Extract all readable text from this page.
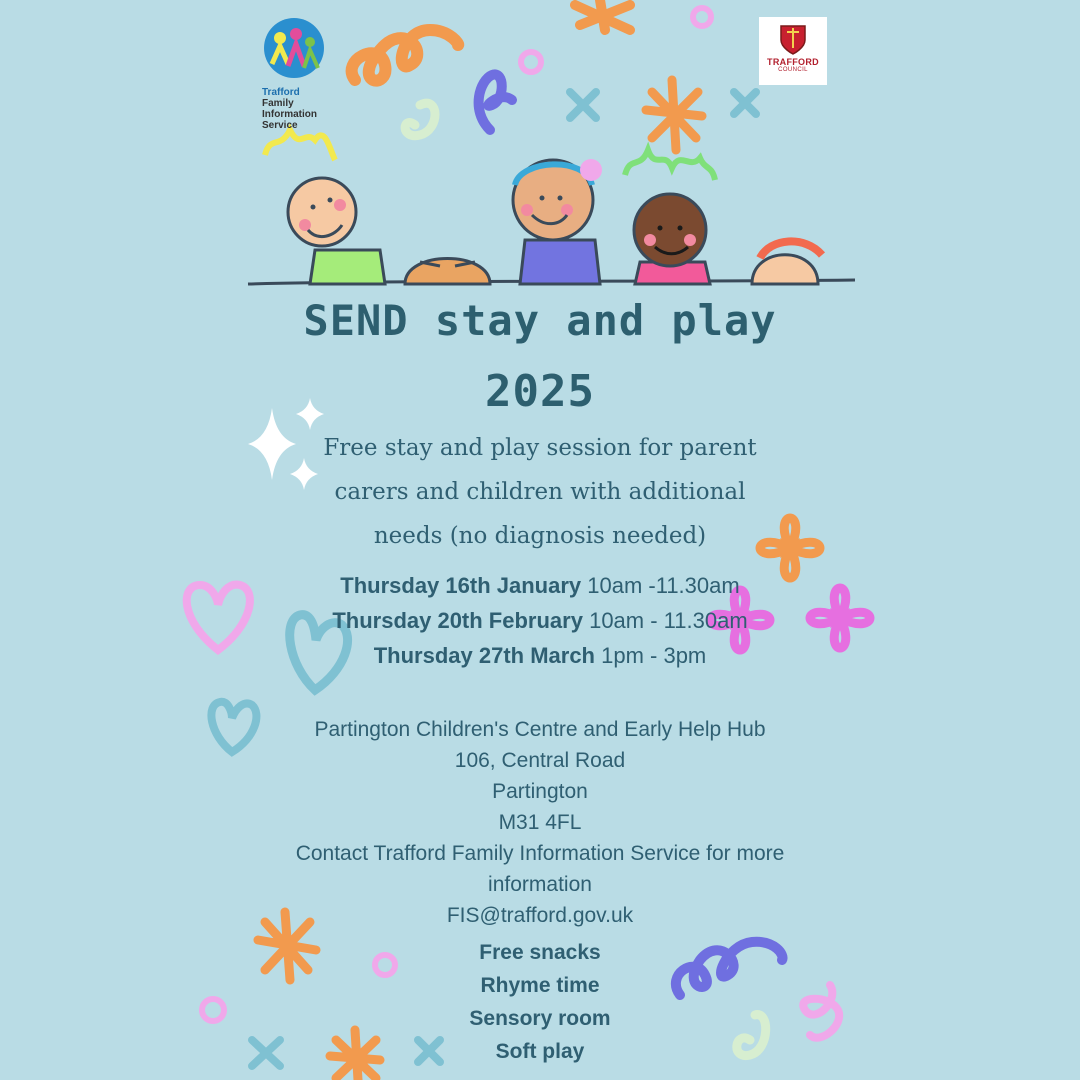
Trafford
Family
Information
Service
TRAFFORD
COUNCIL
SEND stay and play
2025
Free stay and play session for parent
carers and children with additional
needs (no diagnosis needed)
Thursday 16th January 10am -11.30am
Thursday 20th February 10am - 11.30am
Thursday 27th March 1pm - 3pm
Partington Children's Centre and Early Help Hub
106, Central Road
Partington
M31 4FL
Contact Trafford Family Information Service for more
information
FIS@trafford.gov.uk
Free snacks
Rhyme time
Sensory room
Soft play
